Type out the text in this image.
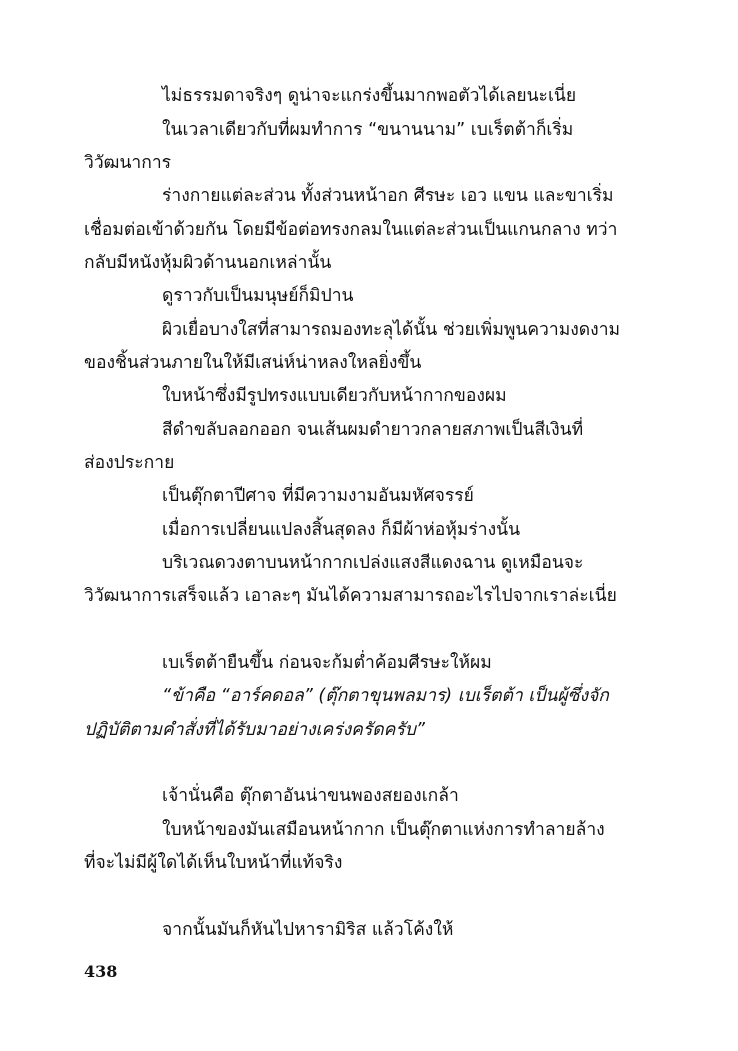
ไม่ธรรมดาจริงๆ ดูน่าจะแกร่งขึ้นมากพอตัวได้เลยนะเนี่ย
ในเวลาเดียวกับที่ผมทำการ “ขนานนาม” เบเร็ตต้าก็เริ่ม
วิวัฒนาการ
ร่างกายแต่ละส่วน ทั้งส่วนหน้าอก ศีรษะ เอว แขน และขาเริ่ม
เชื่อมต่อเข้าด้วยกัน โดยมีข้อต่อทรงกลมในแต่ละส่วนเป็นแกนกลาง ทว่า
กลับมีหนังหุ้มผิวด้านนอกเหล่านั้น
ดูราวกับเป็นมนุษย์ก็มิปาน
ผิวเยื่อบางใสที่สามารถมองทะลุได้นั้น ช่วยเพิ่มพูนความงดงาม
ของชิ้นส่วนภายในให้มีเสน่ห์น่าหลงใหลยิ่งขึ้น
ใบหน้าซึ่งมีรูปทรงแบบเดียวกับหน้ากากของผม
สีดำขลับลอกออก จนเส้นผมดำยาวกลายสภาพเป็นสีเงินที่
ส่องประกาย
เป็นตุ๊กตาปีศาจ ที่มีความงามอันมหัศจรรย์
เมื่อการเปลี่ยนแปลงสิ้นสุดลง ก็มีผ้าห่อหุ้มร่างนั้น
บริเวณดวงตาบนหน้ากากเปล่งแสงสีแดงฉาน ดูเหมือนจะ
วิวัฒนาการเสร็จแล้ว เอาละๆ มันได้ความสามารถอะไรไปจากเราล่ะเนี่ย
เบเร็ตต้ายืนขึ้น ก่อนจะก้มต่ำค้อมศีรษะให้ผม
“ข้าคือ “อาร์คดอล” (ตุ๊กตาขุนพลมาร) เบเร็ตต้า เป็นผู้ซึ่งจัก
ปฏิบัติตามคำสั่งที่ได้รับมาอย่างเคร่งครัดครับ”
เจ้านั่นคือ ตุ๊กตาอันน่าขนพองสยองเกล้า
ใบหน้าของมันเสมือนหน้ากาก เป็นตุ๊กตาแห่งการทำลายล้าง
ที่จะไม่มีผู้ใดได้เห็นใบหน้าที่แท้จริง
จากนั้นมันก็หันไปหารามิริส แล้วโค้งให้
438
